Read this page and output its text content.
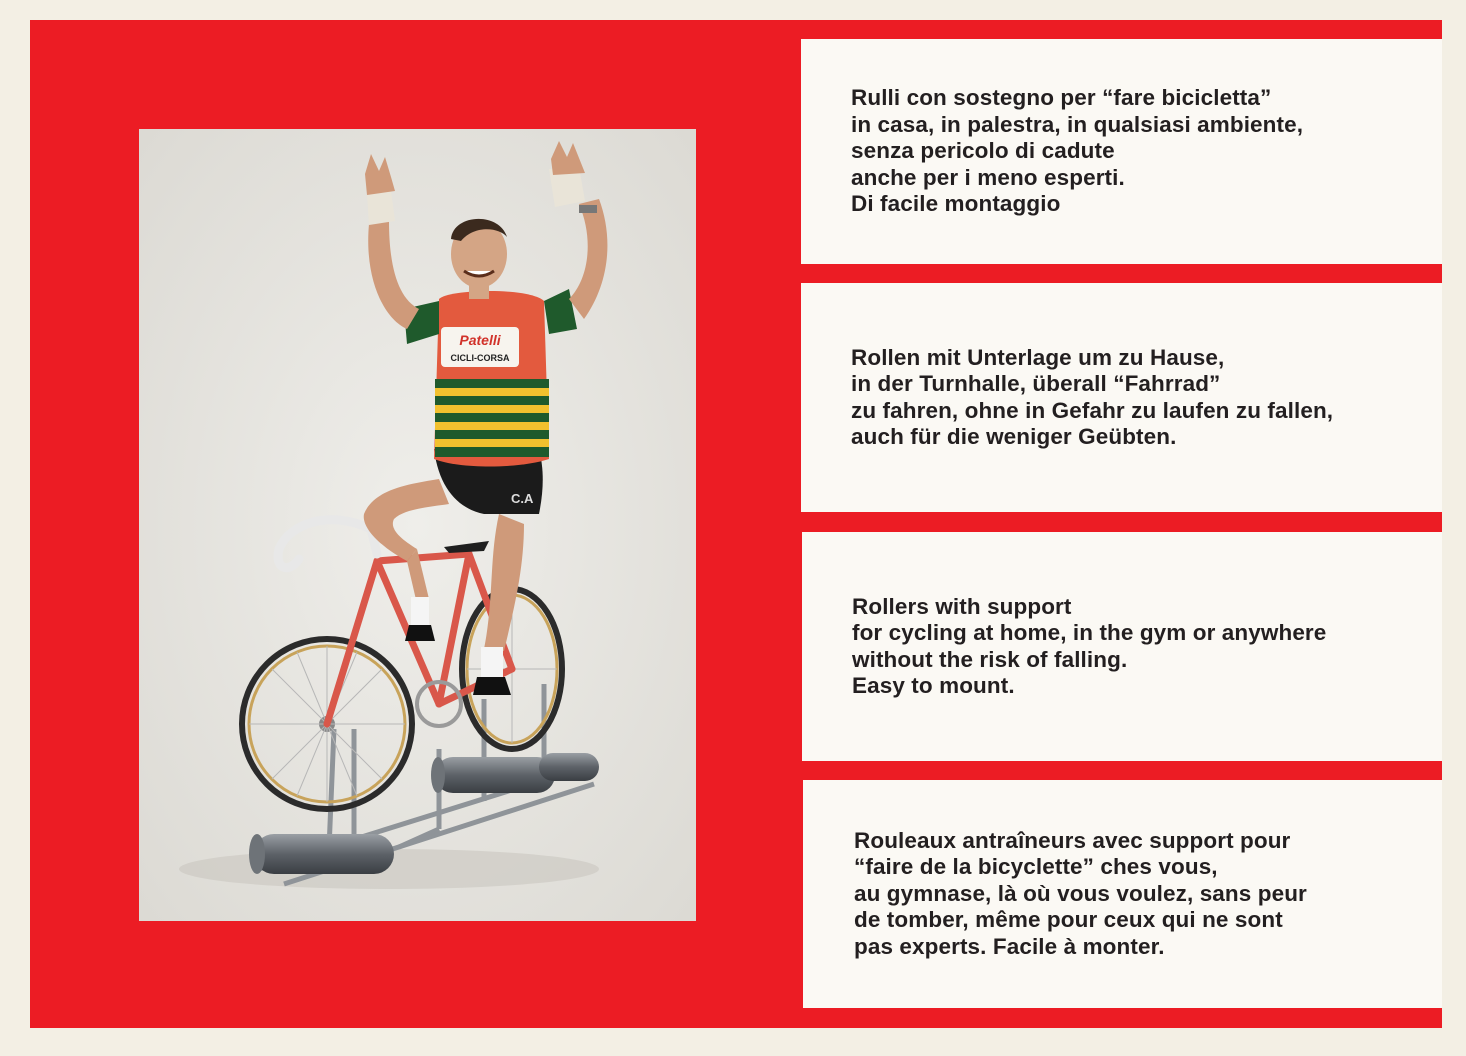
Patelli
CICLI-CORSA
C.A

Rulli con sostegno per “fare bicicletta”
in casa, in palestra, in qualsiasi ambiente,
senza pericolo di cadute
anche per i meno esperti.
Di facile montaggio

Rollen mit Unterlage um zu Hause,
in der Turnhalle, überall “Fahrrad”
zu fahren, ohne in Gefahr zu laufen zu fallen,
auch für die weniger Geübten.

Rollers with support
for cycling at home, in the gym or anywhere
without the risk of falling.
Easy to mount.

Rouleaux antraîneurs avec support pour
“faire de la bicyclette” ches vous,
au gymnase, là où vous voulez, sans peur
de tomber, même pour ceux qui ne sont
pas experts. Facile à monter.
